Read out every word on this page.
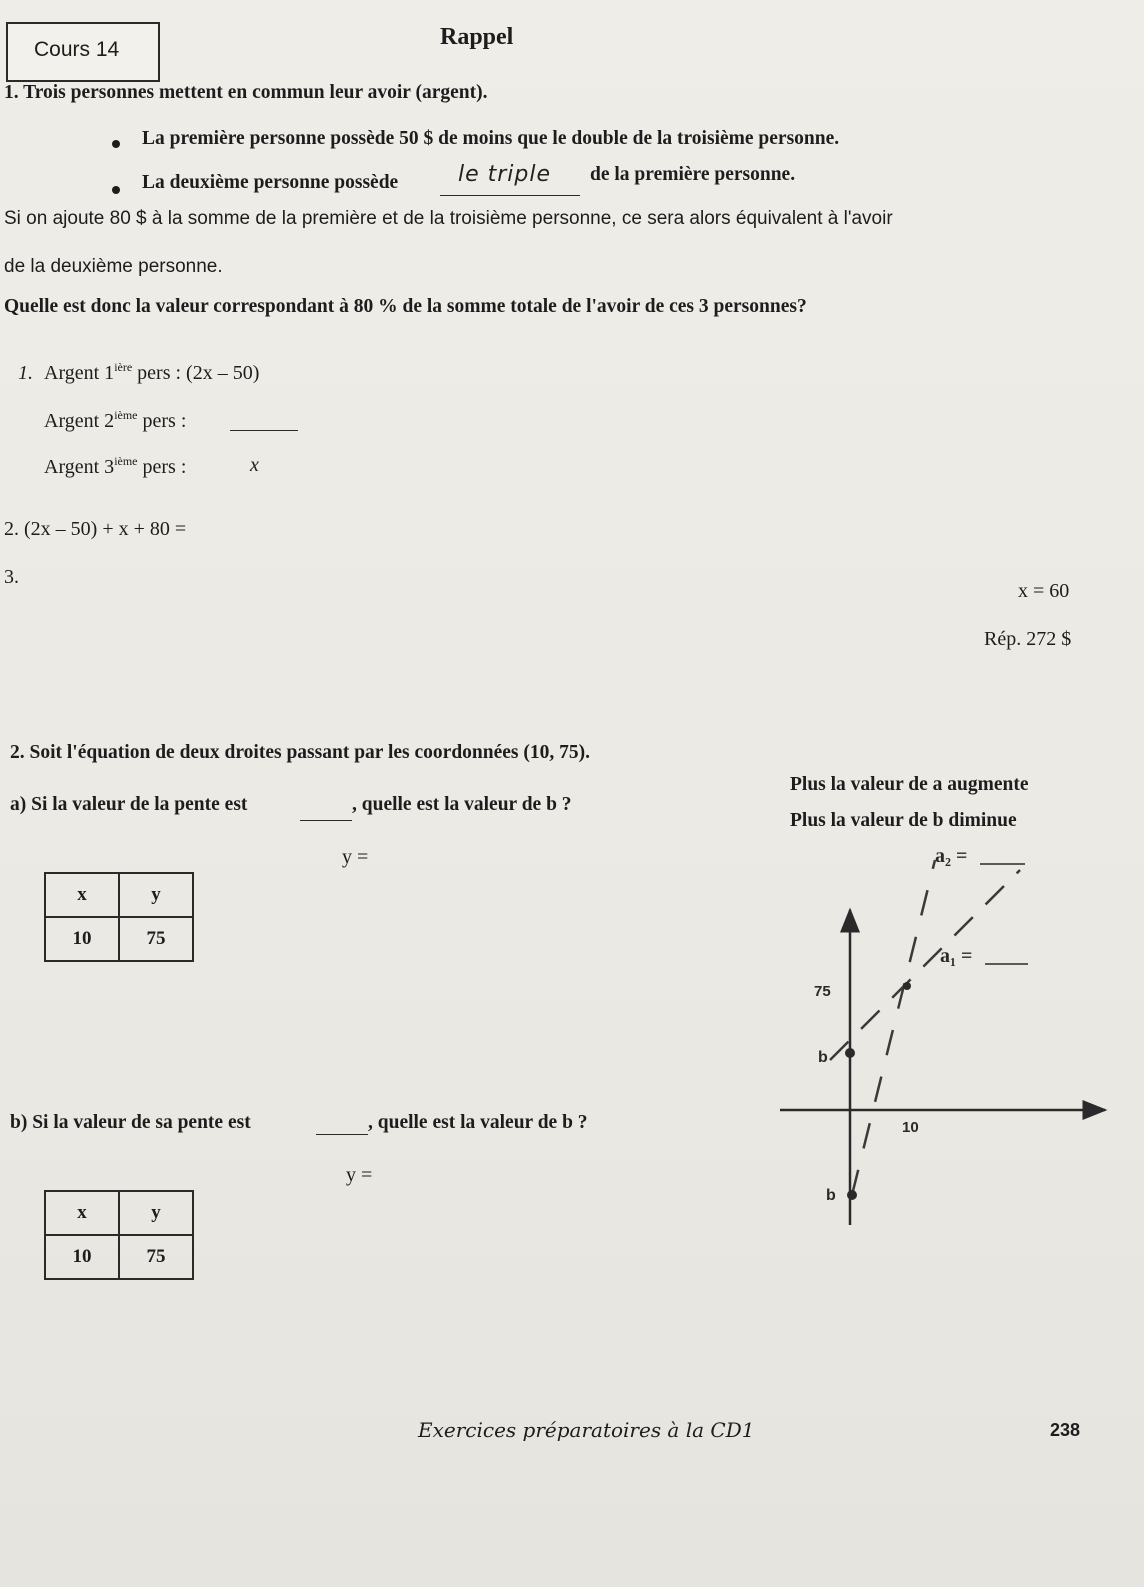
Cours 14	Rappel
1. Trois personnes mettent en commun leur avoir (argent).
La première personne possède 50 $ de moins que le double de la troisième personne.
La deuxième personne possède	le triple de la première personne.
Si on ajoute 80 $ à la somme de la première et de la troisième personne, ce sera alors équivalent à l'avoir
de la deuxième personne.
Quelle est donc la valeur correspondant à 80 % de la somme totale de l'avoir de ces 3 personnes?
1. Argent $1^{ière}$ pers : (2x – 50)
Argent 2ième pers :
Argent 3ième pers :	x
2. (2x – 50) + x + 80 =
3.
x = 60
Rép. 272 $
2. Soit l'équation de deux droites passant par les coordonnées (10, 75).
Plus la valeur de a augmente
Plus la valeur de b diminue
a) Si la valeur de la pente est	, quelle est la valeur de b ?
y =
x	y
10	75
b) Si la valeur de sa pente est	, quelle est la valeur de b ?
y =
x	y
10	75
a₂ =
a₁ =
75
10
b
b
Exercices préparatoires à la CD1	238
